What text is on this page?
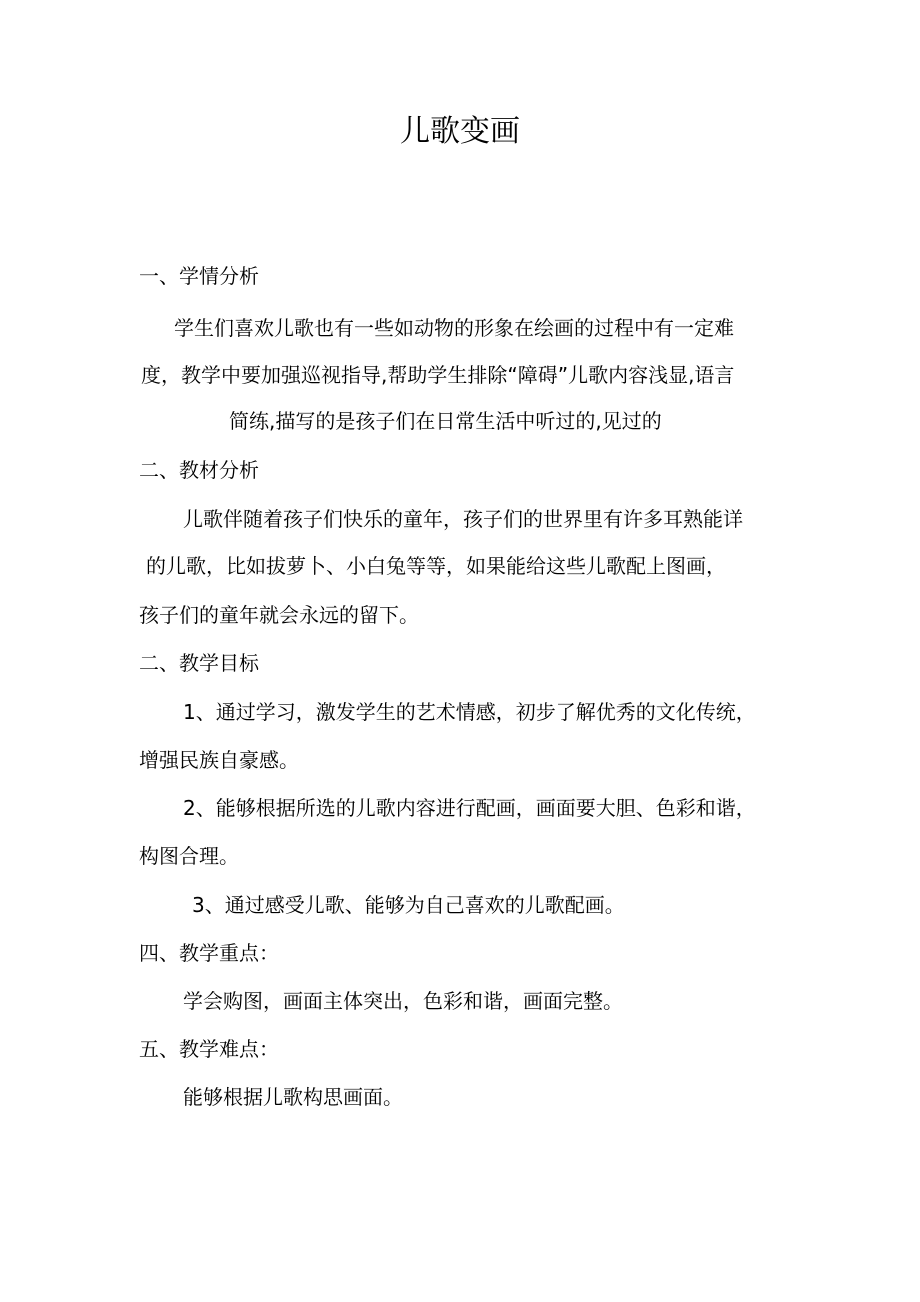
儿歌变画
一、学情分析
学生们喜欢儿歌也有一些如动物的形象在绘画的过程中有一定难
度，教学中要加强巡视指导,帮助学生排除“障碍”儿歌内容浅显,语言
简练,描写的是孩子们在日常生活中听过的,见过的
二、教材分析
儿歌伴随着孩子们快乐的童年，孩子们的世界里有许多耳熟能详
的儿歌，比如拔萝卜、小白兔等等，如果能给这些儿歌配上图画，
孩子们的童年就会永远的留下。
二、教学目标
1、通过学习，激发学生的艺术情感，初步了解优秀的文化传统，
增强民族自豪感。
2、能够根据所选的儿歌内容进行配画，画面要大胆、色彩和谐，
构图合理。
3、通过感受儿歌、能够为自己喜欢的儿歌配画。
四、教学重点：
学会购图，画面主体突出，色彩和谐，画面完整。
五、教学难点：
能够根据儿歌构思画面。
